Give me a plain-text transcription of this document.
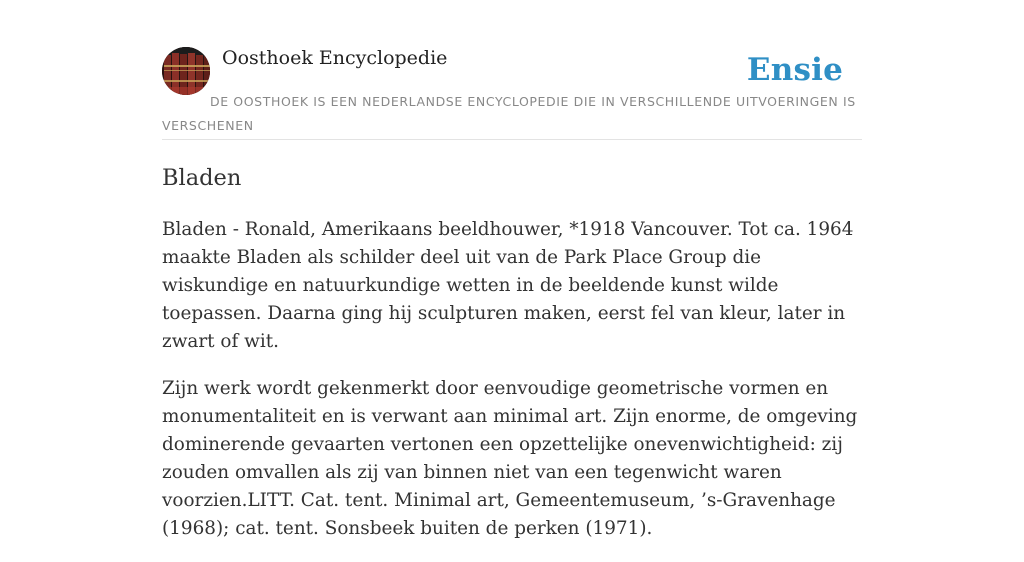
Oosthoek Encyclopedie	Ensie
DE OOSTHOEK IS EEN NEDERLANDSE ENCYCLOPEDIE DIE IN VERSCHILLENDE UITVOERINGEN IS VERSCHENEN
Bladen

Bladen - Ronald, Amerikaans beeldhouwer, *1918 Vancouver. Tot ca. 1964 maakte Bladen als schilder deel uit van de Park Place Group die wiskundige en natuurkundige wetten in de beeldende kunst wilde toepassen. Daarna ging hij sculpturen maken, eerst fel van kleur, later in zwart of wit.

Zijn werk wordt gekenmerkt door eenvoudige geometrische vormen en monumentaliteit en is verwant aan minimal art. Zijn enorme, de omgeving dominerende gevaarten vertonen een opzettelijke onevenwichtigheid: zij zouden omvallen als zij van binnen niet van een tegenwicht waren voorzien.LITT. Cat. tent. Minimal art, Gemeentemuseum, ’s-Gravenhage (1968); cat. tent. Sonsbeek buiten de perken (1971).
